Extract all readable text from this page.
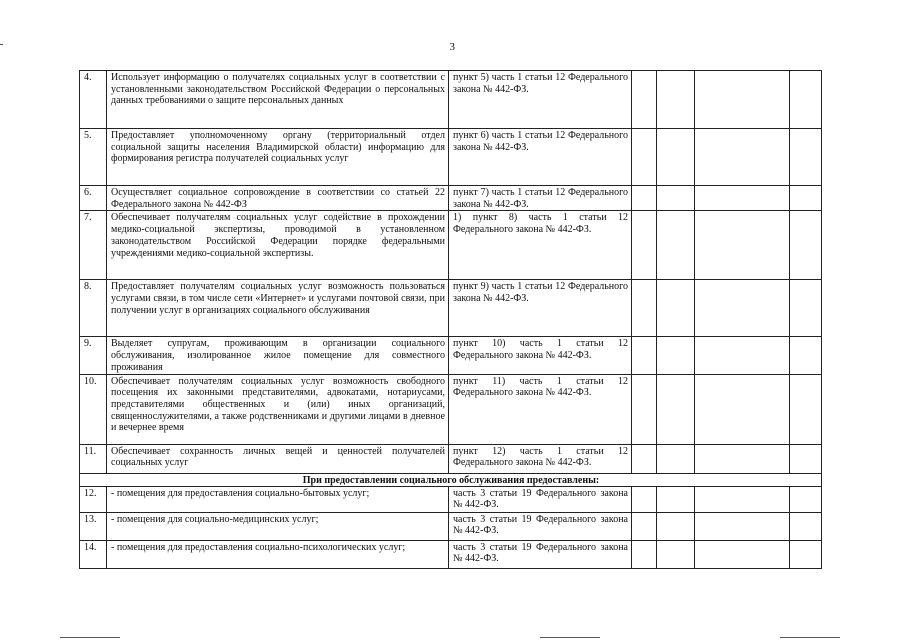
3
4.	Использует информацию о получателях социальных услуг в соответствии с установленными законодательством Российской Федерации о персональных данных требованиями о защите персональных данных	пункт 5) часть 1 статьи 12 Федерального закона № 442-ФЗ.				
5.	Предоставляет уполномоченному органу (территориальный отдел социальной защиты населения Владимирской области) информацию для формирования регистра получателей социальных услуг	пункт 6) часть 1 статьи 12 Федерального закона № 442-ФЗ.				
6.	Осуществляет социальное сопровождение в соответствии со статьей 22 Федерального закона № 442-ФЗ	пункт 7) часть 1 статьи 12 Федерального закона № 442-ФЗ.				
7.	Обеспечивает получателям социальных услуг содействие в прохождении медико-социальной экспертизы, проводимой в установленном законодательством Российской Федерации порядке федеральными учреждениями медико-социальной экспертизы.	1) пункт 8) часть 1 статьи 12 Федерального закона № 442-ФЗ.				
8.	Предоставляет получателям социальных услуг возможность пользоваться услугами связи, в том числе сети «Интернет» и услугами почтовой связи, при получении услуг в организациях социального обслуживания	пункт 9) часть 1 статьи 12 Федерального закона № 442-ФЗ.				
9.	Выделяет супругам, проживающим в организации социального обслуживания, изолированное жилое помещение для совместного проживания	пункт 10) часть 1 статьи 12 Федерального закона № 442-ФЗ.				
10.	Обеспечивает получателям социальных услуг возможность свободного посещения их законными представителями, адвокатами, нотариусами, представителями общественных и (или) иных организаций, священнослужителями, а также родственниками и другими лицами в дневное и вечернее время	пункт 11) часть 1 статьи 12 Федерального закона № 442-ФЗ.				
11.	Обеспечивает сохранность личных вещей и ценностей получателей социальных услуг	пункт 12) часть 1 статьи 12 Федерального закона № 442-ФЗ.				
При предоставлении социального обслуживания предоставлены:						
12.	- помещения для предоставления социально-бытовых услуг;	часть 3 статьи 19 Федерального закона № 442-ФЗ.				
13.	- помещения для социально-медицинских услуг;	часть 3 статьи 19 Федерального закона № 442-ФЗ.				
14.	- помещения для предоставления социально-психологических услуг;	часть 3 статьи 19 Федерального закона № 442-ФЗ.				
